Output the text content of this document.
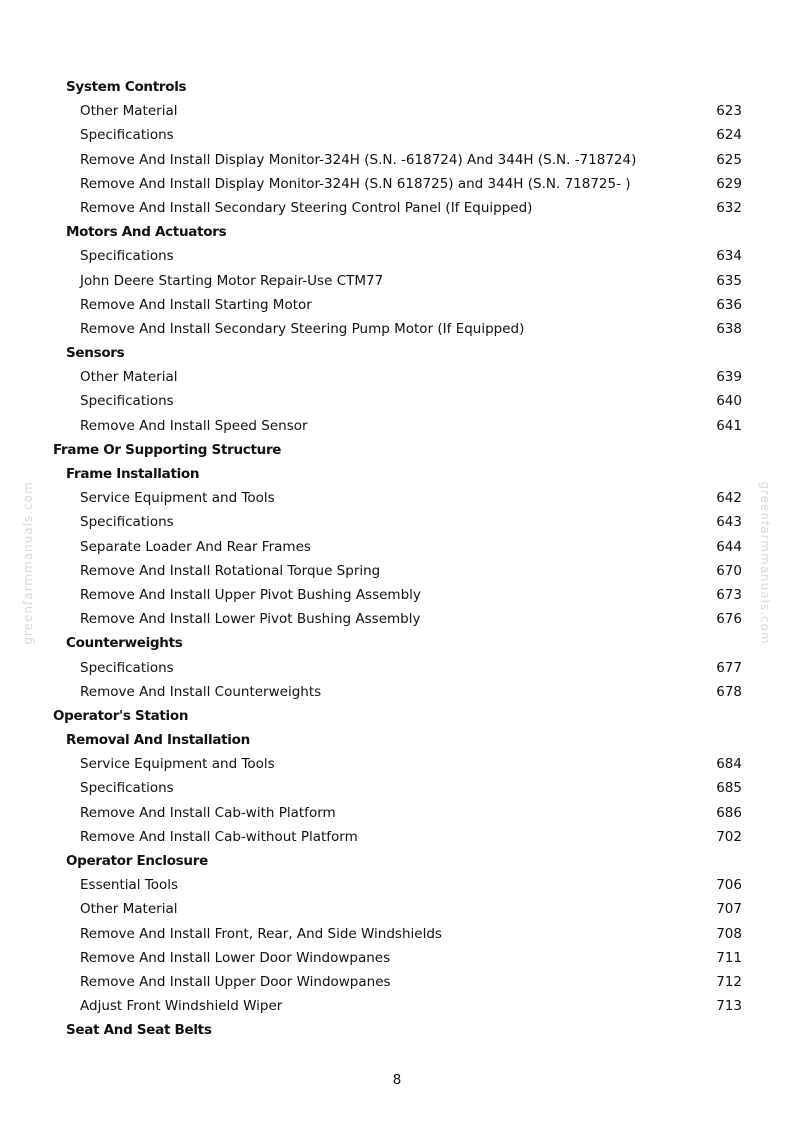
greenfarmmanuals.com	greenfarmmanuals.com
System Controls
Other Material	623
Specifications	624
Remove And Install Display Monitor-324H (S.N. -618724) And 344H (S.N. -718724)	625
Remove And Install Display Monitor-324H (S.N 618725) and 344H (S.N. 718725- )	629
Remove And Install Secondary Steering Control Panel (If Equipped)	632
Motors And Actuators
Specifications	634
John Deere Starting Motor Repair-Use CTM77	635
Remove And Install Starting Motor	636
Remove And Install Secondary Steering Pump Motor (If Equipped)	638
Sensors
Other Material	639
Specifications	640
Remove And Install Speed Sensor	641
Frame Or Supporting Structure
Frame Installation
Service Equipment and Tools	642
Specifications	643
Separate Loader And Rear Frames	644
Remove And Install Rotational Torque Spring	670
Remove And Install Upper Pivot Bushing Assembly	673
Remove And Install Lower Pivot Bushing Assembly	676
Counterweights
Specifications	677
Remove And Install Counterweights	678
Operator's Station
Removal And Installation
Service Equipment and Tools	684
Specifications	685
Remove And Install Cab-with Platform	686
Remove And Install Cab-without Platform	702
Operator Enclosure
Essential Tools	706
Other Material	707
Remove And Install Front, Rear, And Side Windshields	708
Remove And Install Lower Door Windowpanes	711
Remove And Install Upper Door Windowpanes	712
Adjust Front Windshield Wiper	713
Seat And Seat Belts
8
